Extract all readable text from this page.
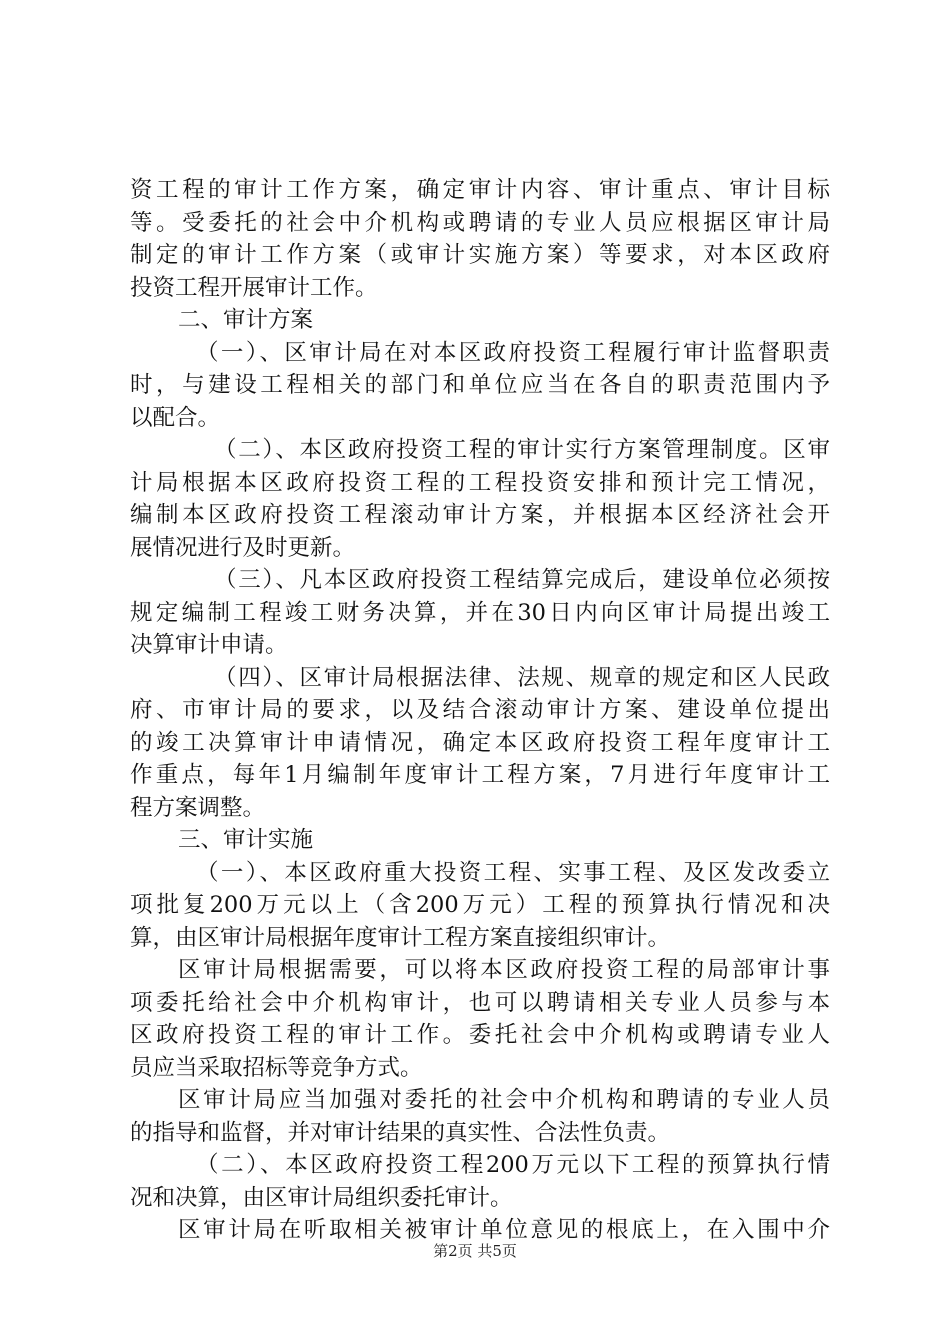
资工程的审计工作方案，确定审计内容、审计重点、审计目标
等。受委托的社会中介机构或聘请的专业人员应根据区审计局
制定的审计工作方案（或审计实施方案）等要求，对本区政府
投资工程开展审计工作。
二、审计方案
（一）、区审计局在对本区政府投资工程履行审计监督职责
时，与建设工程相关的部门和单位应当在各自的职责范围内予
以配合。
（二）、本区政府投资工程的审计实行方案管理制度。区审
计局根据本区政府投资工程的工程投资安排和预计完工情况，
编制本区政府投资工程滚动审计方案，并根据本区经济社会开
展情况进行及时更新。
（三）、凡本区政府投资工程结算完成后，建设单位必须按
规定编制工程竣工财务决算，并在30日内向区审计局提出竣工
决算审计申请。
（四）、区审计局根据法律、法规、规章的规定和区人民政
府、市审计局的要求，以及结合滚动审计方案、建设单位提出
的竣工决算审计申请情况，确定本区政府投资工程年度审计工
作重点，每年1月编制年度审计工程方案，7月进行年度审计工
程方案调整。
三、审计实施
（一）、本区政府重大投资工程、实事工程、及区发改委立
项批复200万元以上（含200万元）工程的预算执行情况和决
算，由区审计局根据年度审计工程方案直接组织审计。
区审计局根据需要，可以将本区政府投资工程的局部审计事
项委托给社会中介机构审计，也可以聘请相关专业人员参与本
区政府投资工程的审计工作。委托社会中介机构或聘请专业人
员应当采取招标等竞争方式。
区审计局应当加强对委托的社会中介机构和聘请的专业人员
的指导和监督，并对审计结果的真实性、合法性负责。
（二）、本区政府投资工程200万元以下工程的预算执行情
况和决算，由区审计局组织委托审计。
区审计局在听取相关被审计单位意见的根底上，在入围中介
第2页 共5页
